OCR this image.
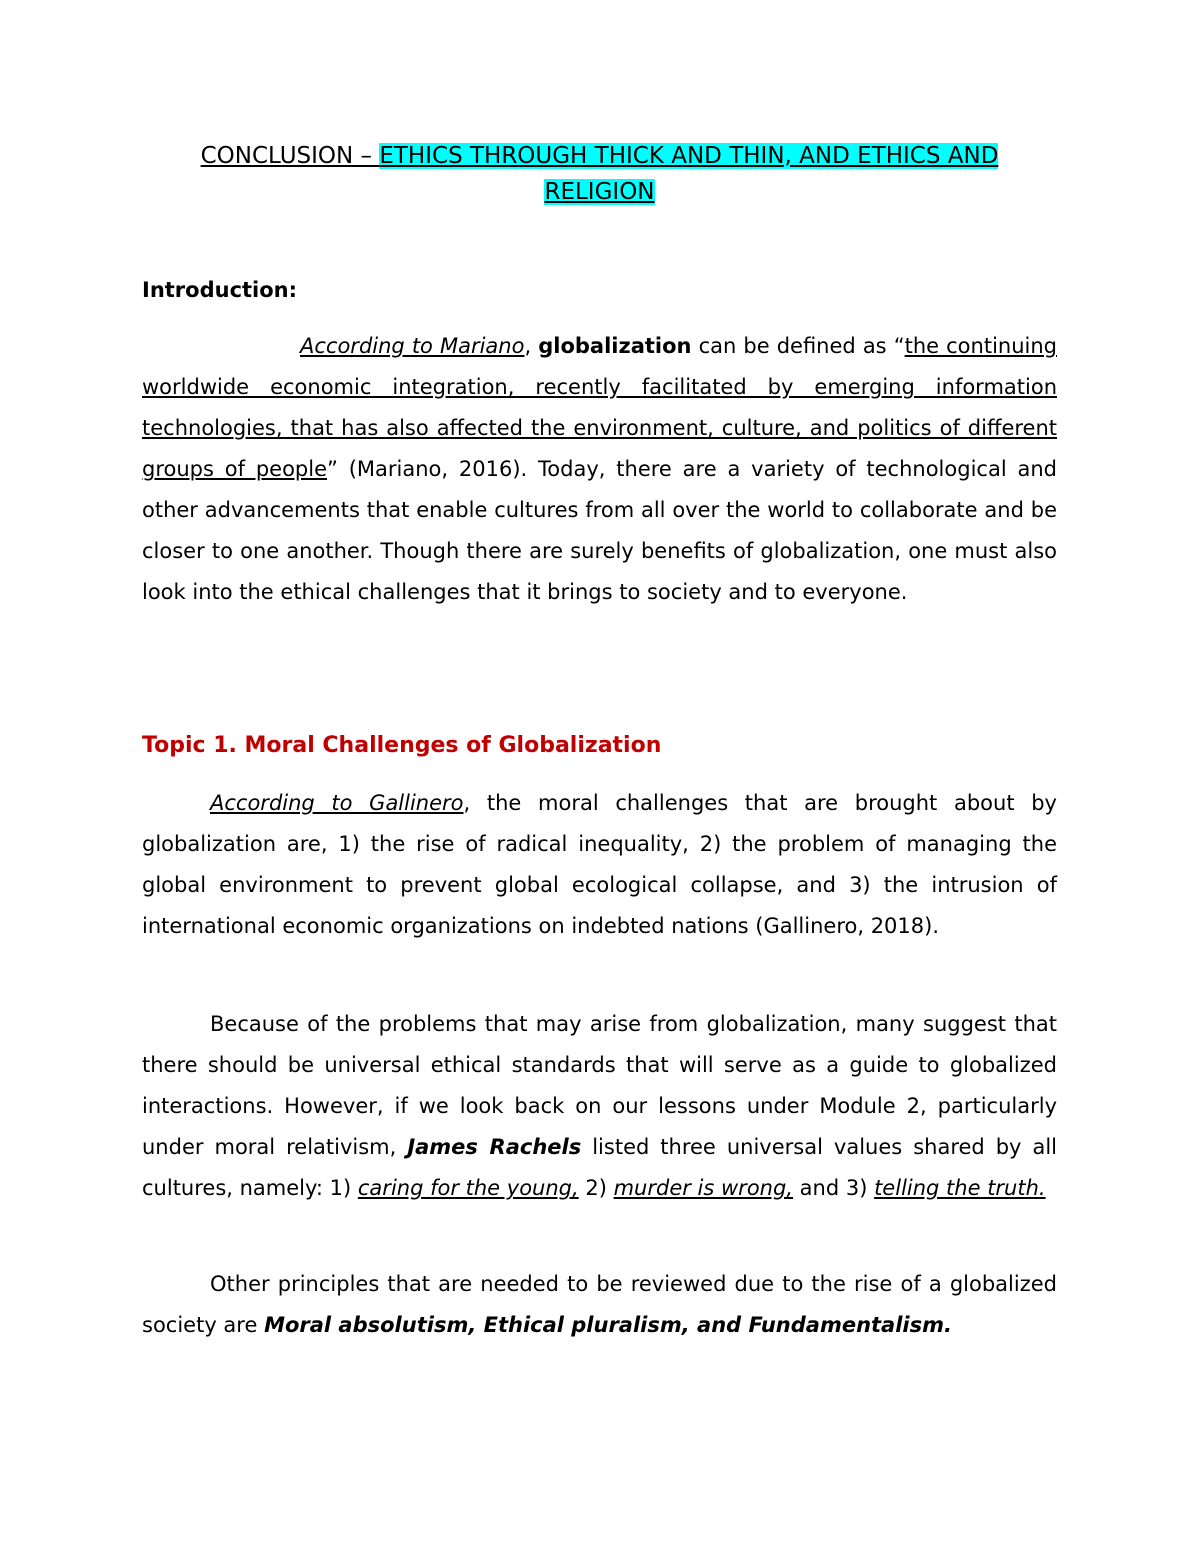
CONCLUSION – ETHICS THROUGH THICK AND THIN, AND ETHICS AND RELIGION
Introduction:

According to Mariano, globalization can be defined as “the continuing worldwide economic integration, recently facilitated by emerging information technologies, that has also affected the environment, culture, and politics of different groups of people” (Mariano, 2016). Today, there are a variety of technological and other advancements that enable cultures from all over the world to collaborate and be closer to one another. Though there are surely benefits of globalization, one must also look into the ethical challenges that it brings to society and to everyone.

Topic 1. Moral Challenges of Globalization

According to Gallinero, the moral challenges that are brought about by globalization are, 1) the rise of radical inequality, 2) the problem of managing the global environment to prevent global ecological collapse, and 3) the intrusion of international economic organizations on indebted nations (Gallinero, 2018).

Because of the problems that may arise from globalization, many suggest that there should be universal ethical standards that will serve as a guide to globalized interactions. However, if we look back on our lessons under Module 2, particularly under moral relativism, James Rachels listed three universal values shared by all cultures, namely: 1) caring for the young, 2) murder is wrong, and 3) telling the truth.

Other principles that are needed to be reviewed due to the rise of a globalized society are Moral absolutism, Ethical pluralism, and Fundamentalism.
